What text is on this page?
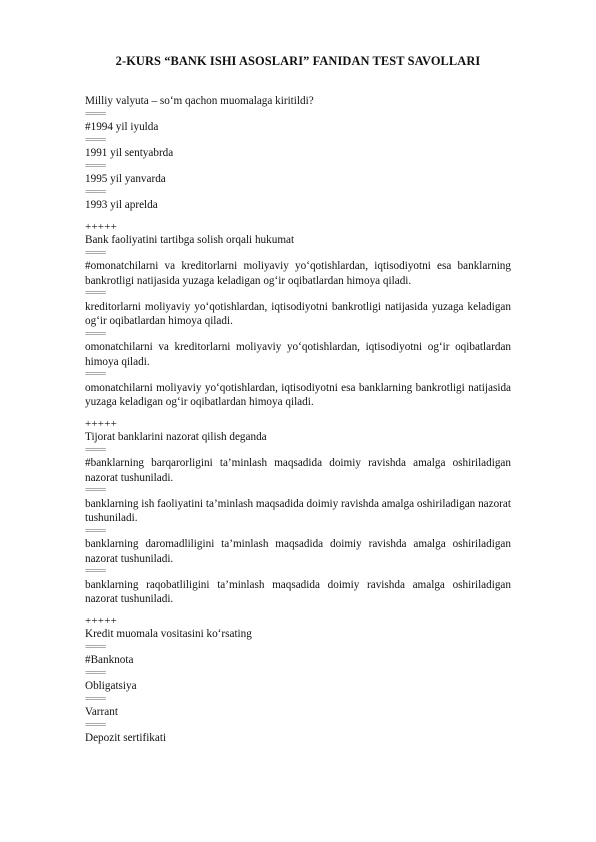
2-KURS “BANK ISHI ASOSLARI” FANIDAN TEST SAVOLLARI
Milliy valyuta – so‘m qachon muomalaga kiritildi?
=====
#1994 yil iyulda
=====
1991 yil sentyabrda
=====
1995 yil yanvarda
=====
1993 yil aprelda
+++++
Bank faoliyatini tartibga solish orqali hukumat
=====
#omonatchilarni va kreditorlarni moliyaviy yo‘qotishlardan, iqtisodiyotni esa banklarning bankrotligi natijasida yuzaga keladigan og‘ir oqibatlardan himoya qiladi.
=====
kreditorlarni moliyaviy yo‘qotishlardan, iqtisodiyotni bankrotligi natijasida yuzaga keladigan og‘ir oqibatlardan himoya qiladi.
=====
omonatchilarni va kreditorlarni moliyaviy yo‘qotishlardan, iqtisodiyotni og‘ir oqibatlardan himoya qiladi.
=====
omonatchilarni moliyaviy yo‘qotishlardan, iqtisodiyotni esa banklarning bankrotligi natijasida yuzaga keladigan og‘ir oqibatlardan himoya qiladi.
+++++
Tijorat banklarini nazorat qilish deganda
=====
#banklarning barqarorligini ta’minlash maqsadida doimiy ravishda amalga oshiriladigan nazorat tushuniladi.
=====
banklarning ish faoliyatini ta’minlash maqsadida doimiy ravishda amalga oshiriladigan nazorat tushuniladi.
=====
banklarning daromadliligini ta’minlash maqsadida doimiy ravishda amalga oshiriladigan nazorat tushuniladi.
=====
banklarning raqobatliligini ta’minlash maqsadida doimiy ravishda amalga oshiriladigan nazorat tushuniladi.
+++++
Kredit muomala vositasini ko‘rsating
=====
#Banknota
=====
Obligatsiya
=====
Varrant
=====
Depozit sertifikati
